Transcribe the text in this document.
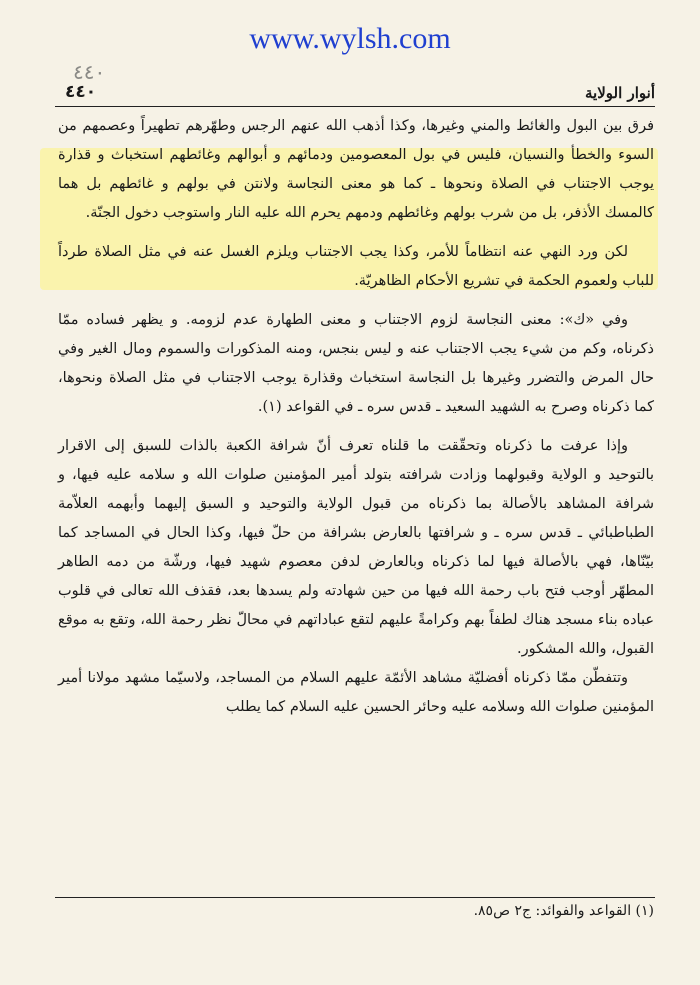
www.wylsh.com
أنوار الولاية
٤٤٠
٤٤٠

فرق بين البول والغائط والمني وغيرها، وكذا أذهب الله عنهم الرجس وطهّرهم تطهيراً وعصمهم من السوء والخطأ والنسيان، فليس في بول المعصومين ودمائهم و أبوالهم وغائطهم استخباث و قذارة يوجب الاجتناب في الصلاة ونحوها ـ كما هو معنى النجاسة ولانتن في بولهم و غائطهم بل هما كالمسك الأذفر، بل من شرب بولهم وغائطهم ودمهم يحرم الله عليه النار واستوجب دخول الجنّة.

لكن ورد النهي عنه انتظاماً للأمر، وكذا يجب الاجتناب ويلزم الغسل عنه في مثل الصلاة طرداً للباب ولعموم الحكمة في تشريع الأحكام الظاهريّة.

وفي «ك»: معنى النجاسة لزوم الاجتناب و معنى الطهارة عدم لزومه. و يظهر فساده ممّا ذكرناه، وكم من شيء يجب الاجتناب عنه و ليس بنجس، ومنه المذكورات والسموم ومال الغير وفي حال المرض والتضرر وغيرها بل النجاسة استخباث وقذارة يوجب الاجتناب في مثل الصلاة ونحوها، كما ذكرناه وصرح به الشهيد السعيد ـ قدس سره ـ في القواعد (١).

وإذا عرفت ما ذكرناه وتحقّقت ما قلناه تعرف أنّ شرافة الكعبة بالذات للسبق إلى الاقرار بالتوحيد و الولاية وقبولهما وزادت شرافته بتولد أمير المؤمنين صلوات الله و سلامه عليه فيها، و شرافة المشاهد بالأصالة بما ذكرناه من قبول الولاية والتوحيد و السبق إليهما وأبهمه العلاّمة الطباطبائي ـ قدس سره ـ و شرافتها بالعارض بشرافة من حلّ فيها، وكذا الحال في المساجد كما بيّنّاها، فهي بالأصالة فيها لما ذكرناه وبالعارض لدفن معصوم شهيد فيها، ورشّة من دمه الطاهر المطهّر أوجب فتح باب رحمة الله فيها من حين شهادته ولم يسدها بعد، فقذف الله تعالى في قلوب عباده بناء مسجد هناك لطفاً بهم وكرامةً عليهم لتقع عباداتهم في محالّ نظر رحمة الله، وتقع به موقع القبول، والله المشكور.

وتتفطّن ممّا ذكرناه أفضليّة مشاهد الأئمّة عليهم السلام من المساجد، ولاسيّما مشهد مولانا أمير المؤمنين صلوات الله وسلامه عليه وحائر الحسين عليه السلام كما يطلب

(١) القواعد والفوائد: ج٢ ص٨٥.
